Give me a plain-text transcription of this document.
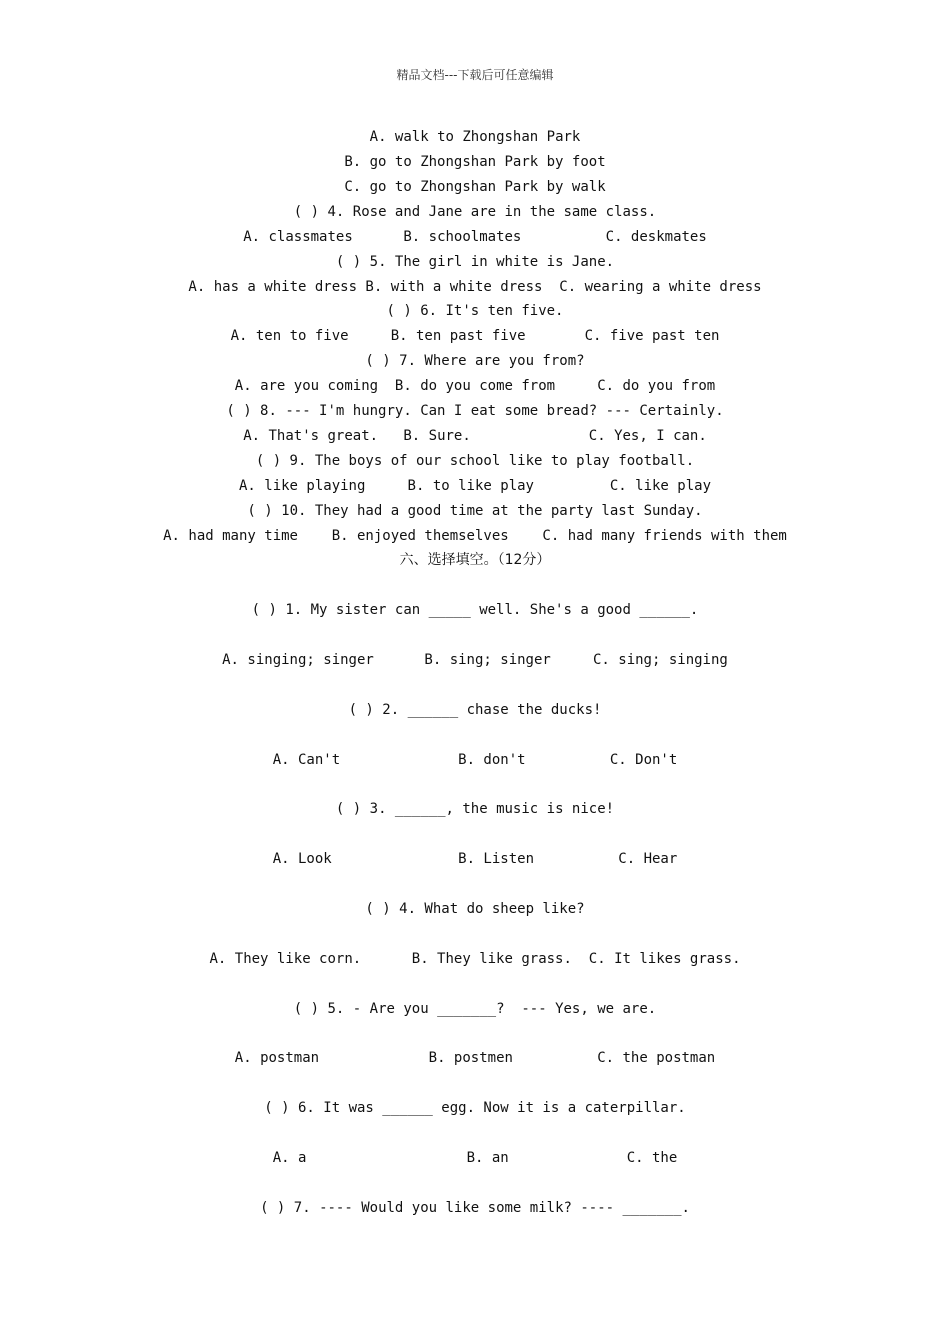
精品文档---下载后可任意编辑
A. walk to Zhongshan Park
B. go to Zhongshan Park by foot
C. go to Zhongshan Park by walk
( ) 4. Rose and Jane are in the same class.
A. classmates      B. schoolmates          C. deskmates
( ) 5. The girl in white is Jane.
A. has a white dress B. with a white dress  C. wearing a white dress
( ) 6. It's ten five.
A. ten to five     B. ten past five       C. five past ten
( ) 7. Where are you from?
A. are you coming  B. do you come from     C. do you from
( ) 8. --- I'm hungry. Can I eat some bread? --- Certainly.
A. That's great.   B. Sure.              C. Yes, I can.
( ) 9. The boys of our school like to play football.
A. like playing     B. to like play         C. like play
( ) 10. They had a good time at the party last Sunday.
A. had many time    B. enjoyed themselves    C. had many friends with them
六、选择填空。（12分）
( ) 1. My sister can _____ well. She's a good ______.
A. singing; singer      B. sing; singer     C. sing; singing
( ) 2. ______ chase the ducks!
A. Can't              B. don't          C. Don't
( ) 3. ______, the music is nice!
A. Look               B. Listen          C. Hear
( ) 4. What do sheep like?
A. They like corn.      B. They like grass.  C. It likes grass.
( ) 5. - Are you _______?  --- Yes, we are.
A. postman             B. postmen          C. the postman
( ) 6. It was ______ egg. Now it is a caterpillar.
A. a                   B. an              C. the
( ) 7. ---- Would you like some milk? ---- _______.
